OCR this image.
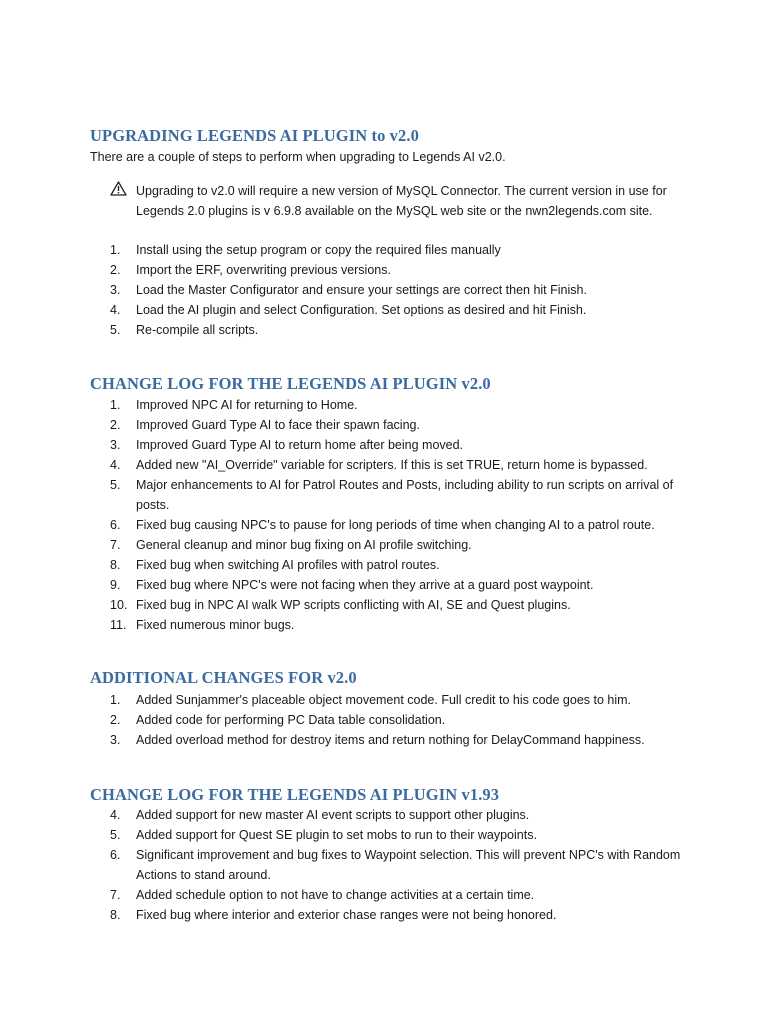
UPGRADING LEGENDS AI PLUGIN to v2.0

There are a couple of steps to perform when upgrading to Legends AI v2.0.

Upgrading to v2.0 will require a new version of MySQL Connector. The current version in use for Legends 2.0 plugins is v 6.9.8 available on the MySQL web site or the nwn2legends.com site.

1.	Install using the setup program or copy the required files manually
2.	Import the ERF, overwriting previous versions.
3.	Load the Master Configurator and ensure your settings are correct then hit Finish.
4.	Load the AI plugin and select Configuration. Set options as desired and hit Finish.
5.	Re-compile all scripts.
CHANGE LOG FOR THE LEGENDS AI PLUGIN v2.0
1.	Improved NPC AI for returning to Home.
2.	Improved Guard Type AI to face their spawn facing.
3.	Improved Guard Type AI to return home after being moved.
4.	Added new "AI_Override" variable for scripters. If this is set TRUE, return home is bypassed.
5.	Major enhancements to AI for Patrol Routes and Posts, including ability to run scripts on arrival of posts.
6.	Fixed bug causing NPC's to pause for long periods of time when changing AI to a patrol route.
7.	General cleanup and minor bug fixing on AI profile switching.
8.	Fixed bug when switching AI profiles with patrol routes.
9.	Fixed bug where NPC's were not facing when they arrive at a guard post waypoint.
10. Fixed bug in NPC AI walk WP scripts conflicting with AI, SE and Quest plugins.
11. Fixed numerous minor bugs.
ADDITIONAL CHANGES FOR v2.0
1.	Added Sunjammer's placeable object movement code. Full credit to his code goes to him.
2.	Added code for performing PC Data table consolidation.
3.	Added overload method for destroy items and return nothing for DelayCommand happiness.
CHANGE LOG FOR THE LEGENDS AI PLUGIN v1.93
4.	Added support for new master AI event scripts to support other plugins.
5.	Added support for Quest SE plugin to set mobs to run to their waypoints.
6.	Significant improvement and bug fixes to Waypoint selection. This will prevent NPC's with Random Actions to stand around.
7.	Added schedule option to not have to change activities at a certain time.
8.	Fixed bug where interior and exterior chase ranges were not being honored.
